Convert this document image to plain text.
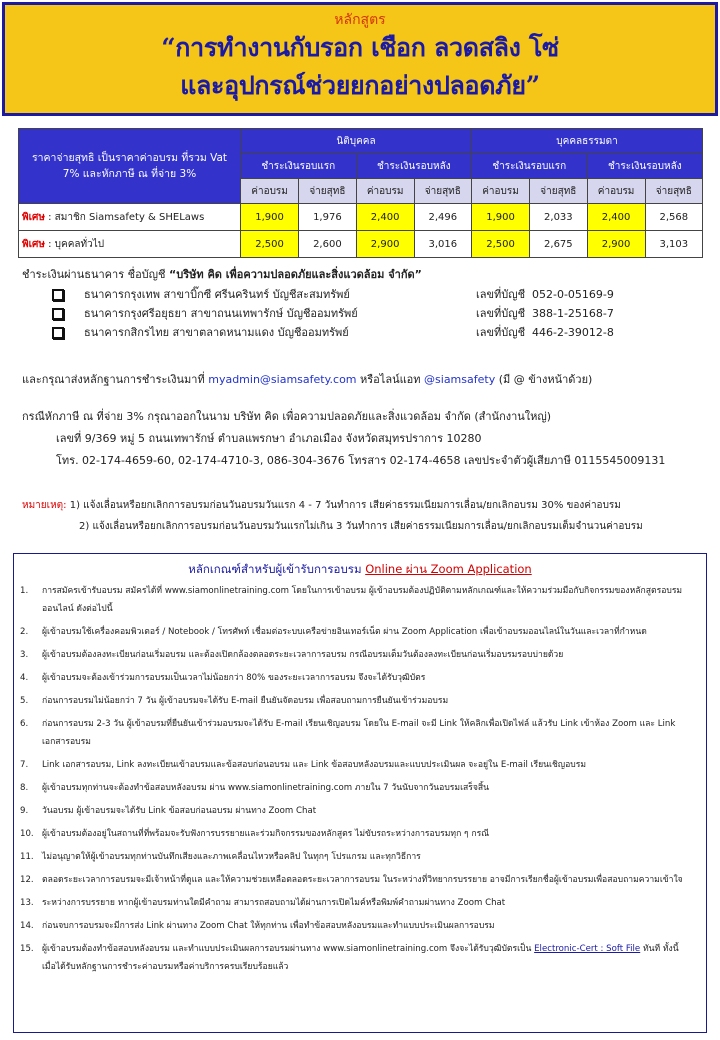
หลักสูตร
“การทำงานกับรอก เชือก ลวดสลิง โซ่
และอุปกรณ์ช่วยยกอย่างปลอดภัย”
ราคาจ่ายสุทธิ เป็นราคาค่าอบรม ที่รวม Vat 7% และหักภาษี ณ ที่จ่าย 3%	นิติบุคคล				บุคคลธรรมดา			
	ชำระเงินรอบแรก		ชำระเงินรอบหลัง		ชำระเงินรอบแรก		ชำระเงินรอบหลัง	
	ค่าอบรม	จ่ายสุทธิ	ค่าอบรม	จ่ายสุทธิ	ค่าอบรม	จ่ายสุทธิ	ค่าอบรม	จ่ายสุทธิ
พิเศษ : สมาชิก Siamsafety & SHELaws	1,900	1,976	2,400	2,496	1,900	2,033	2,400	2,568
พิเศษ : บุคคลทั่วไป	2,500	2,600	2,900	3,016	2,500	2,675	2,900	3,103
ชำระเงินผ่านธนาคาร ชื่อบัญชี “บริษัท คิด เพื่อความปลอดภัยและสิ่งแวดล้อม จำกัด”
ธนาคารกรุงเทพ สาขาบิ๊กซี ศรีนครินทร์ บัญชีสะสมทรัพย์	เลขที่บัญชี 052-0-05169-9
ธนาคารกรุงศรีอยุธยา สาขาถนนเทพารักษ์ บัญชีออมทรัพย์	เลขที่บัญชี 388-1-25168-7
ธนาคารกสิกรไทย สาขาตลาดหนามแดง บัญชีออมทรัพย์	เลขที่บัญชี 446-2-39012-8
และกรุณาส่งหลักฐานการชำระเงินมาที่ myadmin@siamsafety.com หรือไลน์แอท @siamsafety (มี @ ข้างหน้าด้วย)
กรณีหักภาษี ณ ที่จ่าย 3% กรุณาออกในนาม บริษัท คิด เพื่อความปลอดภัยและสิ่งแวดล้อม จำกัด (สำนักงานใหญ่)
เลขที่ 9/369 หมู่ 5 ถนนเทพารักษ์ ตำบลแพรกษา อำเภอเมือง จังหวัดสมุทรปราการ 10280
โทร. 02-174-4659-60, 02-174-4710-3, 086-304-3676 โทรสาร 02-174-4658 เลขประจำตัวผู้เสียภาษี 0115545009131
หมายเหตุ: 1) แจ้งเลื่อนหรือยกเลิกการอบรมก่อนวันอบรมวันแรก 4 - 7 วันทำการ เสียค่าธรรมเนียมการเลื่อน/ยกเลิกอบรม 30% ของค่าอบรม
2) แจ้งเลื่อนหรือยกเลิกการอบรมก่อนวันอบรมวันแรกไม่เกิน 3 วันทำการ เสียค่าธรรมเนียมการเลื่อน/ยกเลิกอบรมเต็มจำนวนค่าอบรม
หลักเกณฑ์สำหรับผู้เข้ารับการอบรม Online ผ่าน Zoom Application
1.	การสมัครเข้ารับอบรม สมัครได้ที่ www.siamonlinetraining.com โดยในการเข้าอบรม ผู้เข้าอบรมต้องปฏิบัติตามหลักเกณฑ์และให้ความร่วมมือกับกิจกรรมของหลักสูตรอบรมออนไลน์ ดังต่อไปนี้
2.	ผู้เข้าอบรมใช้เครื่องคอมพิวเตอร์ / Notebook / โทรศัพท์ เชื่อมต่อระบบเครือข่ายอินเทอร์เน็ต ผ่าน Zoom Application เพื่อเข้าอบรมออนไลน์ในวันและเวลาที่กำหนด
3.	ผู้เข้าอบรมต้องลงทะเบียนก่อนเริ่มอบรม และต้องเปิดกล้องตลอดระยะเวลาการอบรม กรณีอบรมเต็มวันต้องลงทะเบียนก่อนเริ่มอบรมรอบบ่ายด้วย
4.	ผู้เข้าอบรมจะต้องเข้าร่วมการอบรมเป็นเวลาไม่น้อยกว่า 80% ของระยะเวลาการอบรม จึงจะได้รับวุฒิบัตร
5.	ก่อนการอบรมไม่น้อยกว่า 7 วัน ผู้เข้าอบรมจะได้รับ E-mail ยืนยันจัดอบรม เพื่อสอบถามการยืนยันเข้าร่วมอบรม
6.	ก่อนการอบรม 2-3 วัน ผู้เข้าอบรมที่ยืนยันเข้าร่วมอบรมจะได้รับ E-mail เรียนเชิญอบรม โดยใน E-mail จะมี Link ให้คลิกเพื่อเปิดไฟล์ แล้วรับ Link เข้าห้อง Zoom และ Link เอกสารอบรม
7.	Link เอกสารอบรม, Link ลงทะเบียนเข้าอบรมและข้อสอบก่อนอบรม และ Link ข้อสอบหลังอบรมและแบบประเมินผล จะอยู่ใน E-mail เรียนเชิญอบรม
8.	ผู้เข้าอบรมทุกท่านจะต้องทำข้อสอบหลังอบรม ผ่าน www.siamonlinetraining.com ภายใน 7 วันนับจากวันอบรมเสร็จสิ้น
9.	วันอบรม ผู้เข้าอบรมจะได้รับ Link ข้อสอบก่อนอบรม ผ่านทาง Zoom Chat
10. ผู้เข้าอบรมต้องอยู่ในสถานที่ที่พร้อมจะรับฟังการบรรยายและร่วมกิจกรรมของหลักสูตร ไม่ขับรถระหว่างการอบรมทุก ๆ กรณี
11. ไม่อนุญาตให้ผู้เข้าอบรมทุกท่านบันทึกเสียงและภาพเคลื่อนไหวหรือคลิป ในทุกๆ โปรแกรม และทุกวิธีการ
12. ตลอดระยะเวลาการอบรมจะมีเจ้าหน้าที่ดูแล และให้ความช่วยเหลือตลอดระยะเวลาการอบรม ในระหว่างที่วิทยากรบรรยาย อาจมีการเรียกชื่อผู้เข้าอบรมเพื่อสอบถามความเข้าใจ
13. ระหว่างการบรรยาย หากผู้เข้าอบรมท่านใดมีคำถาม สามารถสอบถามได้ผ่านการเปิดไมค์หรือพิมพ์คำถามผ่านทาง Zoom Chat
14. ก่อนจบการอบรมจะมีการส่ง Link ผ่านทาง Zoom Chat ให้ทุกท่าน เพื่อทำข้อสอบหลังอบรมและทำแบบประเมินผลการอบรม
15. ผู้เข้าอบรมต้องทำข้อสอบหลังอบรม และทำแบบประเมินผลการอบรมผ่านทาง www.siamonlinetraining.com จึงจะได้รับวุฒิบัตรเป็น Electronic-Cert : Soft File ทันที ทั้งนี้ เมื่อได้รับหลักฐานการชำระค่าอบรมหรือค่าบริการครบเรียบร้อยแล้ว
